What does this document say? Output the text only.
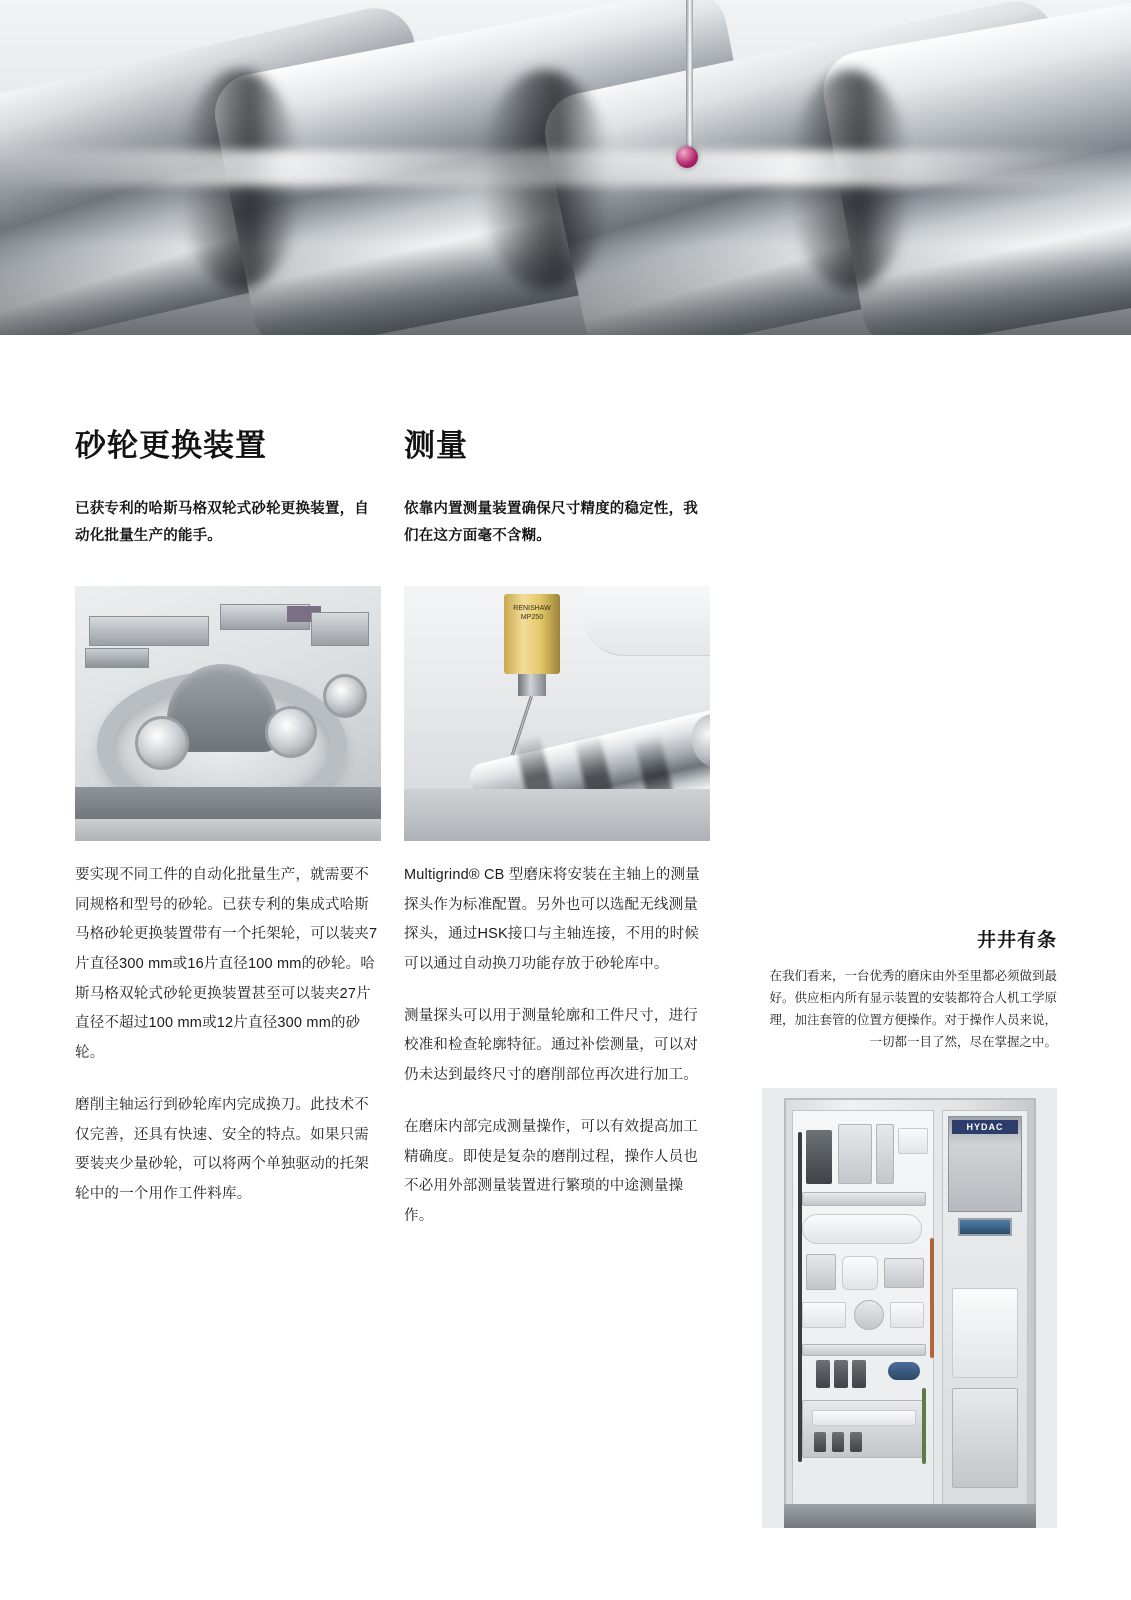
砂轮更换装置

已获专利的哈斯马格双轮式砂轮更换装置，自动化批量生产的能手。

要实现不同工件的自动化批量生产，就需要不同规格和型号的砂轮。已获专利的集成式哈斯马格砂轮更换装置带有一个托架轮，可以装夹7片直径300 mm或16片直径100 mm的砂轮。哈斯马格双轮式砂轮更换装置甚至可以装夹27片直径不超过100 mm或12片直径300 mm的砂轮。

磨削主轴运行到砂轮库内完成换刀。此技术不仅完善，还具有快速、安全的特点。如果只需要装夹少量砂轮，可以将两个单独驱动的托架轮中的一个用作工件料库。

测量

依靠内置测量装置确保尺寸精度的稳定性，我们在这方面毫不含糊。

RENISHAW MP250

Multigrind® CB 型磨床将安装在主轴上的测量探头作为标准配置。另外也可以选配无线测量探头，通过HSK接口与主轴连接，不用的时候可以通过自动换刀功能存放于砂轮库中。

测量探头可以用于测量轮廓和工件尺寸，进行校准和检查轮廓特征。通过补偿测量，可以对仍未达到最终尺寸的磨削部位再次进行加工。

在磨床内部完成测量操作，可以有效提高加工精确度。即使是复杂的磨削过程，操作人员也不必用外部测量装置进行繁琐的中途测量操作。

井井有条

在我们看来，一台优秀的磨床由外至里都必须做到最好。供应柜内所有显示装置的安装都符合人机工学原理，加注套管的位置方便操作。对于操作人员来说，一切都一目了然，尽在掌握之中。

HYDAC
